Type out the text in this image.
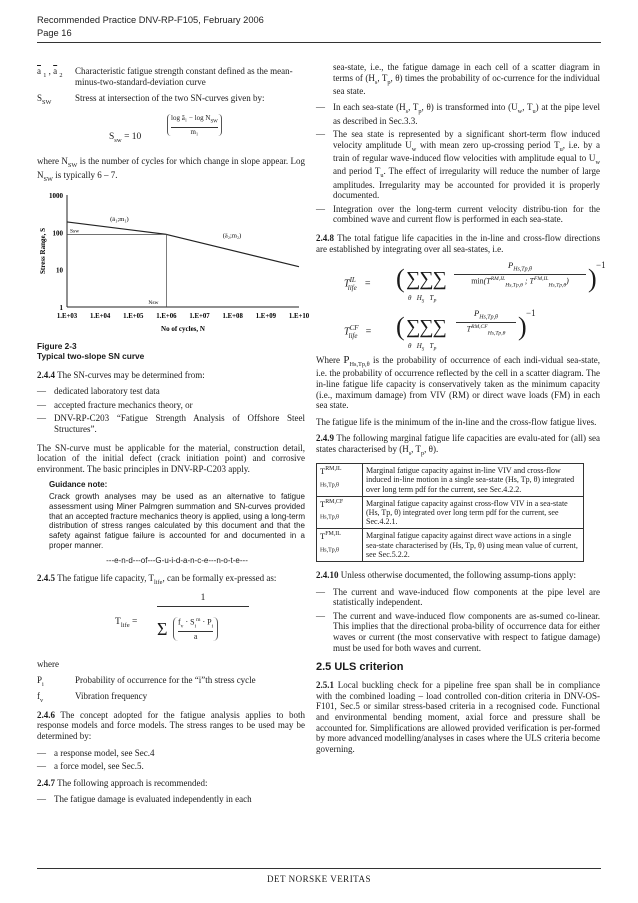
Recommended Practice DNV-RP-F105, February 2006
Page 16
$\overline{a}$ $_1$ , $\overline{a}$ $_2$	Characteristic fatigue strength constant defined as the mean-minus-two-standard-deviation curve
$S_{SW}$	Stress at intersection of the two SN-curves given by:
$S_{sw} = 10$
log ā₁ − $\log N_{SW}$
m₁

where $N_{SW}$ is the number of cycles for which change in slope appear. Log $N_{SW}$ is typically 6 – 7.

1000
100
10
1
1.E+03 1.E+04 1.E+05 1.E+06 1.E+07 1.E+08 1.E+09 1.E+10
No of cycles, N
Stress Range, S	Ssw
Nsw
(ā₁;m₁)
(ā₂;m₂)
Figure 2-3
Typical two-slope SN curve

2.4.4 The SN-curves may be determined from:

— dedicated laboratory test data
— accepted fracture mechanics theory, or
— DNV-RP-C203 “Fatigue Strength Analysis of Offshore Steel Structures”.

The SN-curve must be applicable for the material, construction detail, location of the initial defect (crack initiation point) and corrosive environment. The basic principles in DNV-RP-C203 apply.

Guidance note:
Crack growth analyses may be used as an alternative to fatigue assessment using Miner Palmgren summation and SN-curves provided that an accepted fracture mechanics theory is applied, using a long-term distribution of stress ranges calculated by this document and that the safety against fatigue failure is accounted for and documented in a proper manner.
---e-n-d---of---G-u-i-d-a-n-c-e---n-o-t-e---

2.4.5 The fatigue life capacity, $T_{life}$, can be formally ex-pressed as:

$T_{life}$ =
1
Σ $f_v \cdot S_i^m \cdot P_i$
a

where

$P_i$	Probability of occurrence for the “i”th stress cycle
$f_v$	Vibration frequency

2.4.6 The concept adopted for the fatigue analysis applies to both response models and force models. The stress ranges to be used may be determined by:

— a response model, see Sec.4
— a force model, see Sec.5.

2.4.7 The following approach is recommended:

— The fatigue damage is evaluated independently in each

sea-state, i.e., the fatigue damage in each cell of a scatter diagram in terms of ($H_s$, $T_p$, θ) times the probability of oc-currence for the individual sea state.

— In each sea-state ($H_s$, $T_p$, θ) is transformed into ($U_w$, $T_u$) at the pipe level as described in Sec.3.3.
— The sea state is represented by a significant short-term flow induced velocity amplitude $U_w$ with mean zero up-crossing period $T_u$, i.e. by a train of regular wave-induced flow velocities with amplitude equal to $U_w$ and period $T_u$. The effect of irregularity will reduce the number of large amplitudes. Irregularity may be accounted for provided it is properly documented.
— Integration over the long-term current velocity distribu-tion for the combined wave and current flow is performed in each sea-state.

2.4.8 The total fatigue life capacities in the in-line and cross-flow directions are established by integrating over all sea-states, i.e.

$T^{IL}_{life}$   = ( ∑∑∑
θ   $H_S$   $T_P$
$P_{Hs,Tp,\theta}$
$\min(T^{RM,IL}_{Hs,Tp,\theta}$ ; $T^{FM,IL}_{Hs,Tp,\theta}$) ) −1
$T^{CF}_{life}$   = ( ∑∑∑
θ   $H_S$   $T_P$
$P_{Hs,Tp,\theta}$
$T^{RM,CF}_{Hs,Tp,\theta}$ ) −1

Where $P_{Hs,Tp,\theta}$ is the probability of occurrence of each indi-vidual sea-state, i.e. the probability of occurrence reflected by the cell in a scatter diagram. The in-line fatigue life capacity is conservatively taken as the minimum capacity (i.e., maximum damage) from VIV (RM) or direct wave loads (FM) in each sea state.

The fatigue life is the minimum of the in-line and the cross-flow fatigue lives.

2.4.9 The following marginal fatigue life capacities are evalu-ated for (all) sea states characterised by ($H_s$, $T_p$, θ).

$T^{RM,IL}$
$_{Hs,Tp,\theta}$	Marginal fatigue capacity against in-line VIV and cross-flow induced in-line motion in a single sea-state (Hs, Tp, θ) integrated over long term pdf for the current, see Sec.4.2.2.
$T^{RM,CF}$
$_{Hs,Tp,\theta}$	Marginal fatigue capacity against cross-flow VIV in a sea-state (Hs, Tp, θ) integrated over long term pdf for the current, see Sec.4.2.1.
$T^{FM,IL}$
$_{Hs,Tp,\theta}$	Marginal fatigue capacity against direct wave actions in a single sea-state characterised by (Hs, Tp, θ) using mean value of current, see Sec.5.2.2.

2.4.10 Unless otherwise documented, the following assump-tions apply:

— The current and wave-induced flow components at the pipe level are statistically independent.
— The current and wave-induced flow components are as-sumed co-linear. This implies that the directional proba-bility of occurrence data for either waves or current (the most conservative with respect to fatigue damage) must be used for both waves and current.
2.5 ULS criterion

2.5.1 Local buckling check for a pipeline free span shall be in compliance with the combined loading – load controlled con-dition criteria in DNV-OS-F101, Sec.5 or similar stress-based criteria in a recognised code. Functional and environmental bending moment, axial force and pressure shall be accounted for. Simplifications are allowed provided verification is per-formed by more advanced modelling/analyses in cases where the ULS criteria become governing.

DET NORSKE VERITAS
